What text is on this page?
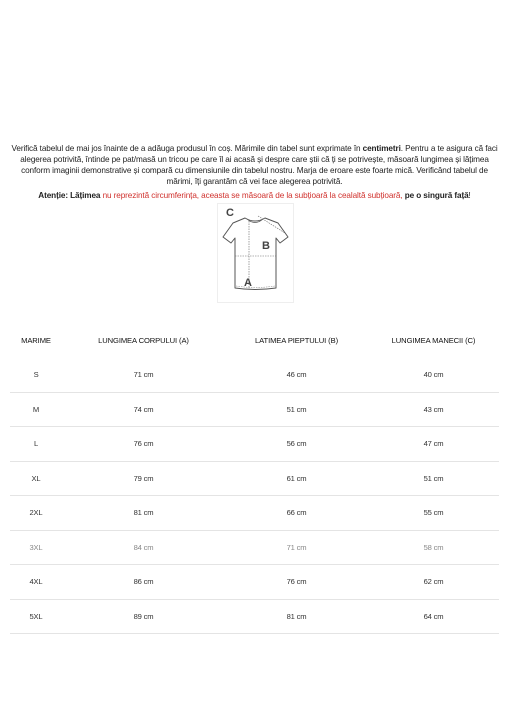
Verifică tabelul de mai jos înainte de a adăuga produsul în coș. Mărimile din tabel sunt exprimate în centimetri. Pentru a te asigura că faci alegerea potrivită, întinde pe pat/masă un tricou pe care îl ai acasă și despre care știi că ți se potrivește, măsoară lungimea și lățimea conform imaginii demonstrative și compară cu dimensiunile din tabelul nostru. Marja de eroare este foarte mică. Verificând tabelul de mărimi, îți garantăm că vei face alegerea potrivită.
Atenție: Lățimea nu reprezintă circumferința, aceasta se măsoară de la subțioară la cealaltă subțioară, pe o singură față!
C
B
A
MARIME	LUNGIMEA CORPULUI (A)	LATIMEA PIEPTULUI (B)	LUNGIMEA MANECII (C)
S	71 cm	46 cm	40 cm
M	74 cm	51 cm	43 cm
L	76 cm	56 cm	47 cm
XL	79 cm	61 cm	51 cm
2XL	81 cm	66 cm	55 cm
3XL	84 cm	71 cm	58 cm
4XL	86 cm	76 cm	62 cm
5XL	89 cm	81 cm	64 cm
